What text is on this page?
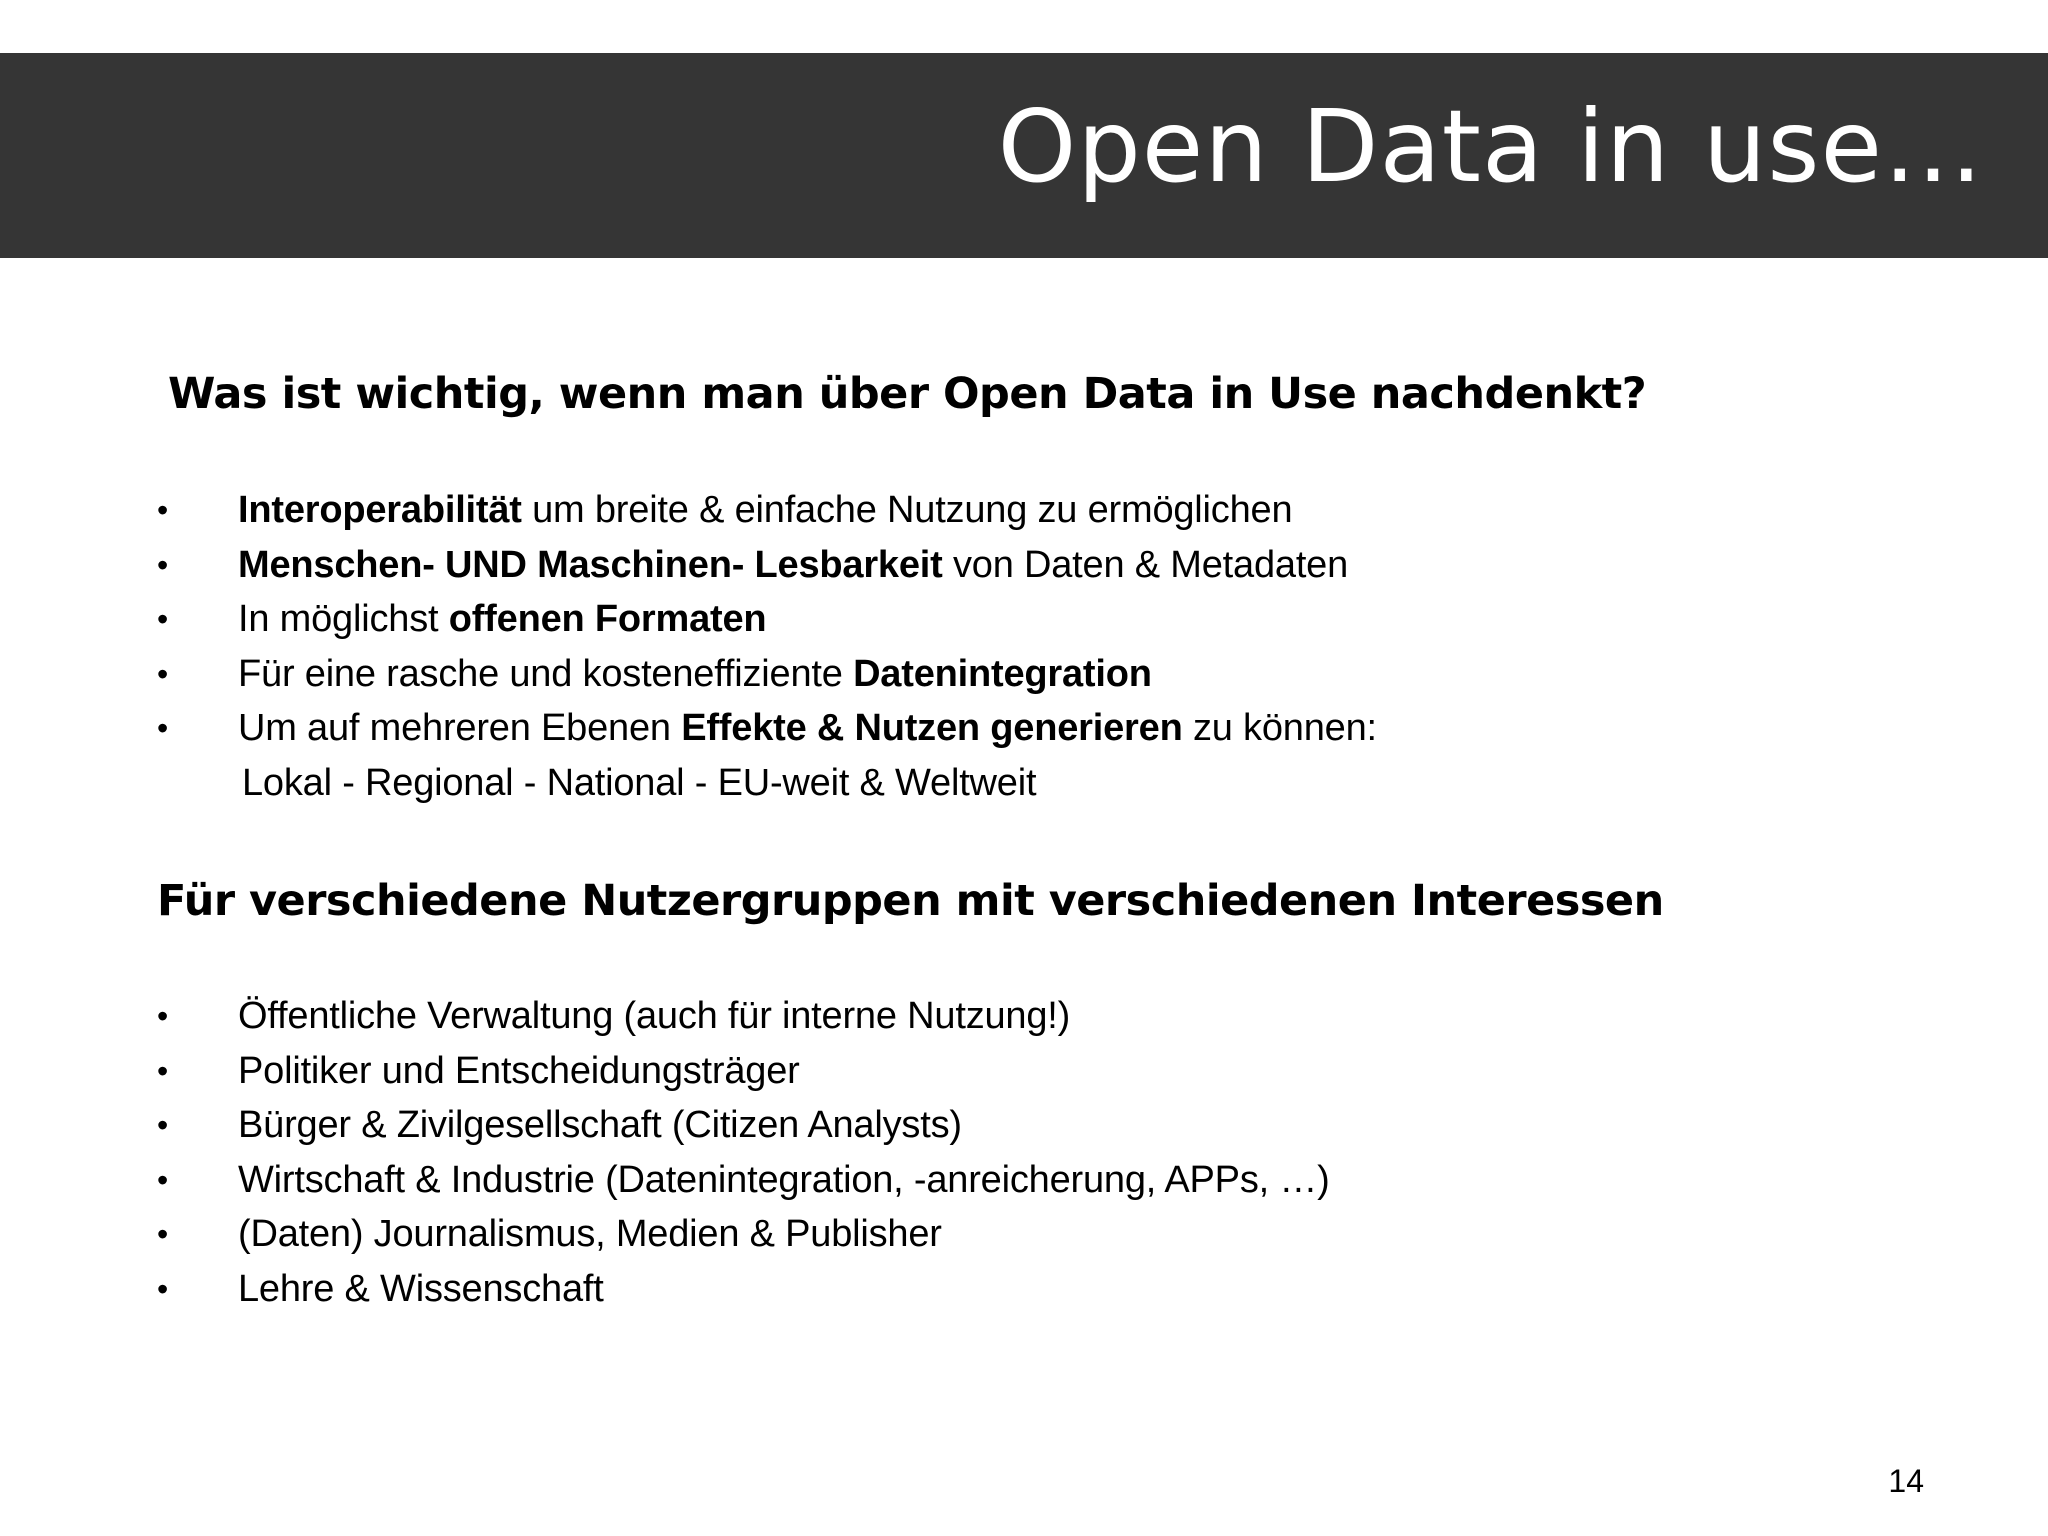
Open Data in use…
Was ist wichtig, wenn man über Open Data in Use nachdenkt?
• Interoperabilität um breite & einfache Nutzung zu ermöglichen
• Menschen- UND Maschinen- Lesbarkeit von Daten & Metadaten
• In möglichst offenen Formaten
• Für eine rasche und kosteneffiziente Datenintegration
• Um auf mehreren Ebenen Effekte & Nutzen generieren zu können:
Lokal - Regional - National - EU-weit & Weltweit
Für verschiedene Nutzergruppen mit verschiedenen Interessen
• Öffentliche Verwaltung (auch für interne Nutzung!)
• Politiker und Entscheidungsträger
• Bürger & Zivilgesellschaft (Citizen Analysts)
• Wirtschaft & Industrie (Datenintegration, -anreicherung, APPs, …)
• (Daten) Journalismus, Medien & Publisher
• Lehre & Wissenschaft
14
